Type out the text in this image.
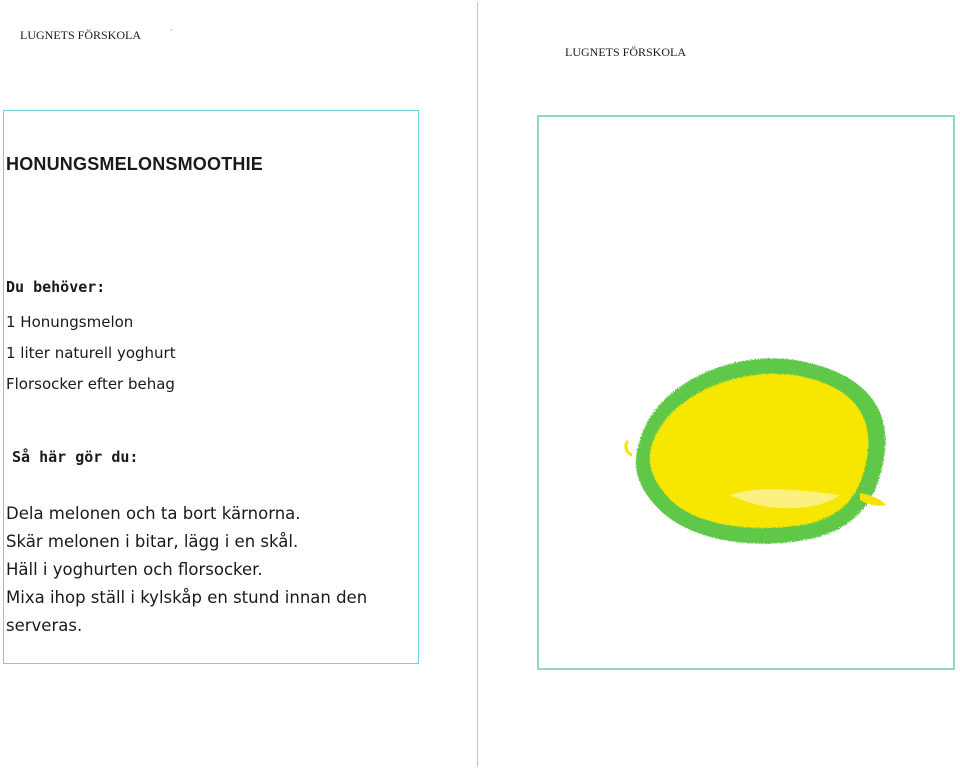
LUGNETS FÖRSKOLA	·
LUGNETS FÖRSKOLA
HONUNGSMELONSMOOTHIE
Du behöver:
1 Honungsmelon
1 liter naturell yoghurt
Florsocker efter behag
Så här gör du:

Dela melonen och ta bort kärnorna.

Skär melonen i bitar, lägg i en skål.

Häll i yoghurten och florsocker.

Mixa ihop ställ i kylskåp en stund innan den serveras.
